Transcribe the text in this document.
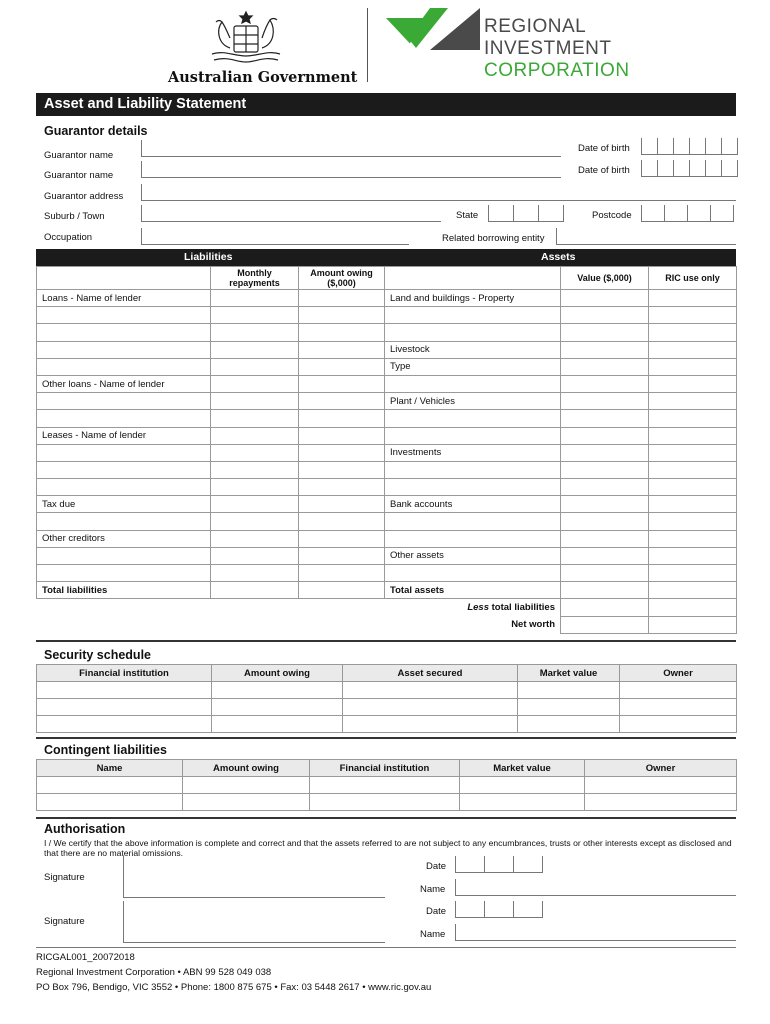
Australian Government
REGIONAL
INVESTMENT
CORPORATION
Asset and Liability Statement
Guarantor details
Guarantor name
Date of birth
Guarantor name	Date of birth
Guarantor address
Suburb / Town	State	Postcode
Occupation	Related borrowing entity
Liabilities	Assets
	Monthly repayments	Amount owing ($,000)		Value ($,000)	RIC use only
Loans - Name of lender			Land and buildings - Property		

			Livestock		
			Type		
Other loans - Name of lender					
			Plant / Vehicles		

Leases - Name of lender					
			Investments		

Tax due			Bank accounts		

Other creditors					
			Other assets		

Total liabilities			Total assets		
			Less total liabilities		
			Net worth		
Security schedule
Financial institution	Amount owing	Asset secured	Market value	Owner

Contingent liabilities
Name	Amount owing	Financial institution	Market value	Owner

Authorisation
I / We certify that the above information is complete and correct and that the assets referred to are not subject to any encumbrances, trusts or other interests except as disclosed and that there are no material omissions.
Signature
Date
Name
Signature
Date
Name
RICGAL001_20072018
Regional Investment Corporation • ABN 99 528 049 038
PO Box 796, Bendigo, VIC 3552 • Phone: 1800 875 675 • Fax: 03 5448 2617 • www.ric.gov.au
